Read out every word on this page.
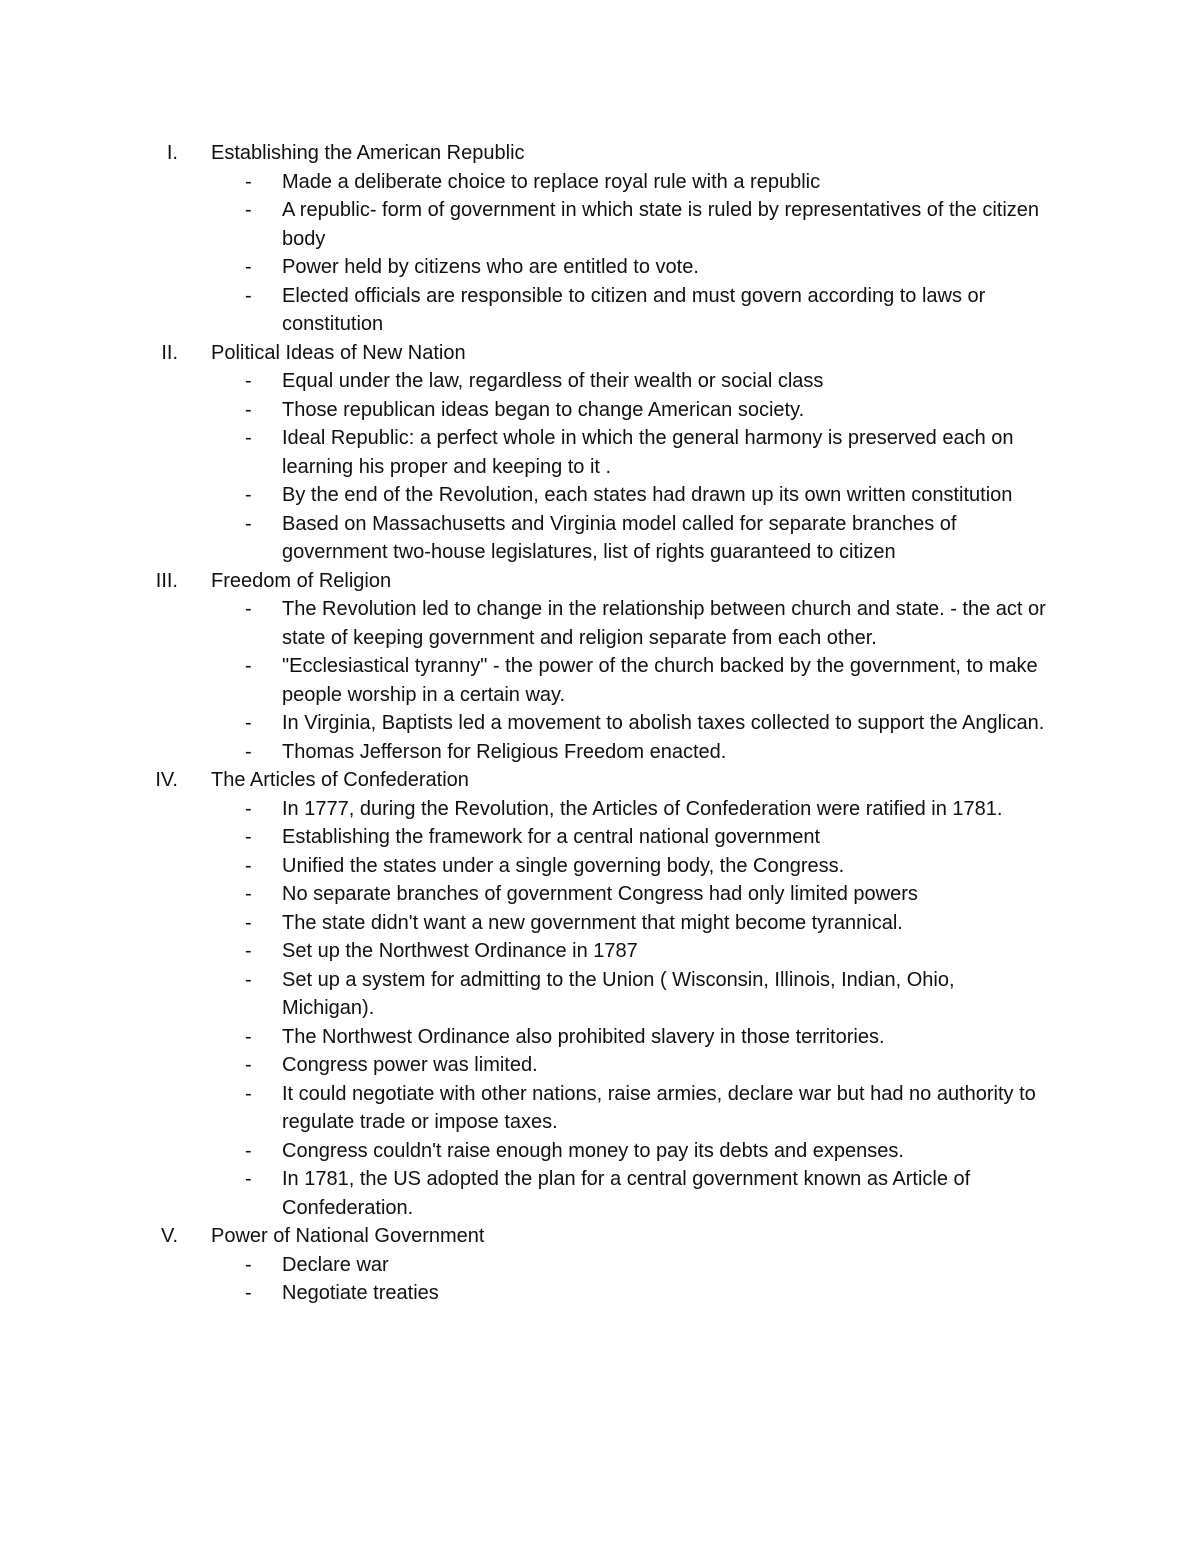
I. Establishing the American Republic
- Made a deliberate choice to replace royal rule with a republic
- A republic- form of government in which state is ruled by representatives of the citizen body
- Power held by citizens who are entitled to vote.
- Elected officials are responsible to citizen and must govern according to laws or constitution
II. Political Ideas of New Nation
- Equal under the law, regardless of their wealth or social class
- Those republican ideas began to change American society.
- Ideal Republic: a perfect whole in which the general harmony is preserved each on learning his proper and keeping to it .
- By the end of the Revolution, each states had drawn up its own written constitution
- Based on Massachusetts and Virginia model called for separate branches of government two-house legislatures, list of rights guaranteed to citizen
III. Freedom of Religion
- The Revolution led to change in the relationship between church and state. - the act or state of keeping government and religion separate from each other.
- "Ecclesiastical tyranny" - the power of the church backed by the government, to make people worship in a certain way.
- In Virginia, Baptists led a movement to abolish taxes collected to support the Anglican.
- Thomas Jefferson for Religious Freedom enacted.
IV. The Articles of Confederation
- In 1777, during the Revolution, the Articles of Confederation were ratified in 1781.
- Establishing the framework for a central national government
- Unified the states under a single governing body, the Congress.
- No separate branches of government Congress had only limited powers
- The state didn't want a new government that might become tyrannical.
- Set up the Northwest Ordinance in 1787
- Set up a system for admitting to the Union ( Wisconsin, Illinois, Indian, Ohio, Michigan).
- The Northwest Ordinance also prohibited slavery in those territories.
- Congress power was limited.
- It could negotiate with other nations, raise armies, declare war but had no authority to regulate trade or impose taxes.
- Congress couldn't raise enough money to pay its debts and expenses.
- In 1781, the US adopted the plan for a central government known as Article of Confederation.
V. Power of National Government
- Declare war
- Negotiate treaties
